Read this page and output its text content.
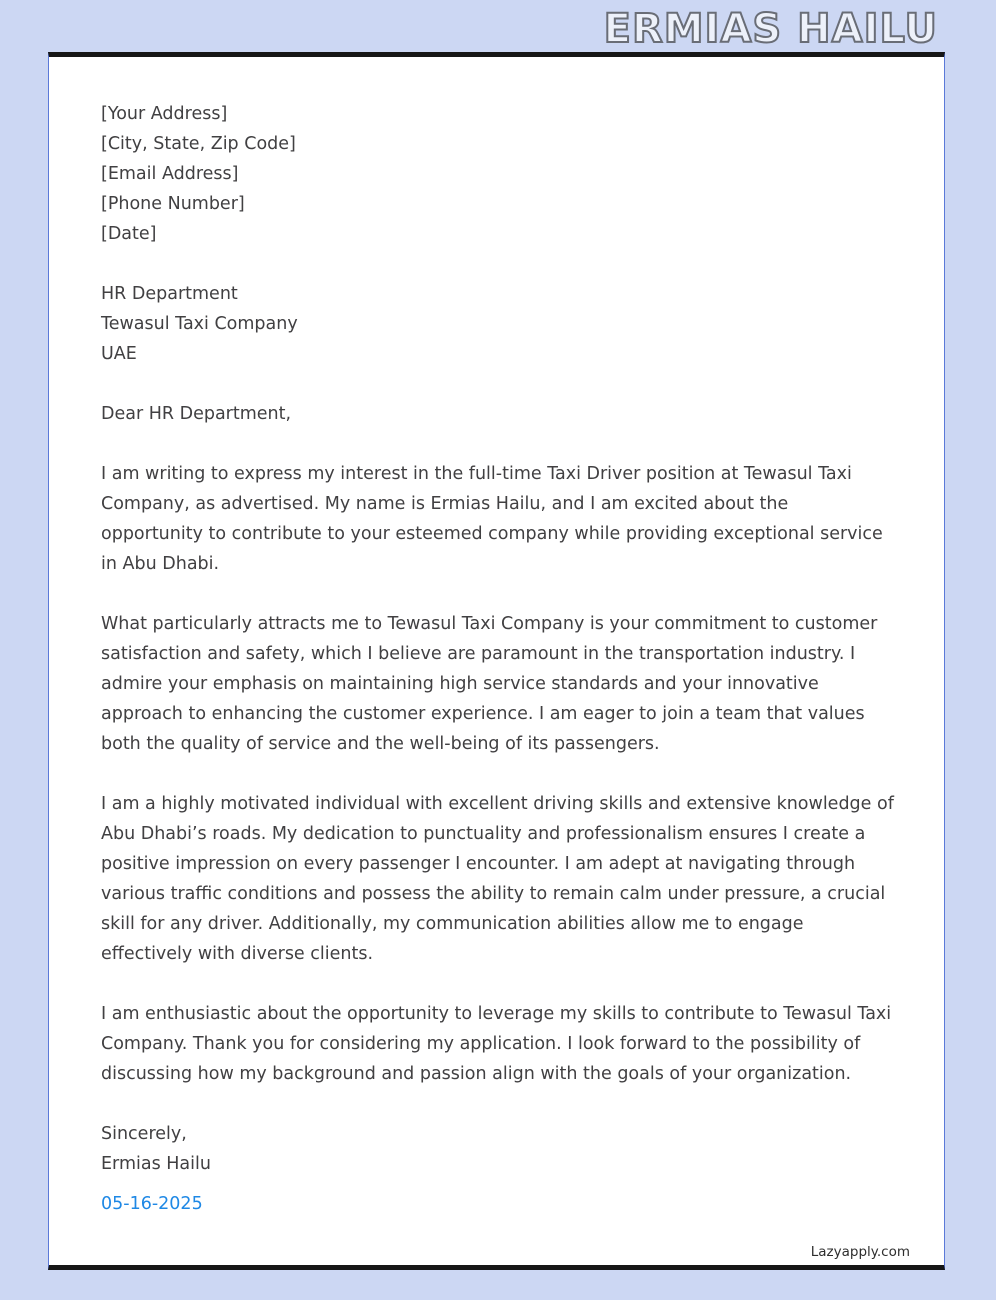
ERMIAS HAILU
[Your Address]
[City, State, Zip Code]
[Email Address]
[Phone Number]
[Date]
HR Department
Tewasul Taxi Company
UAE
Dear HR Department,
I am writing to express my interest in the full-time Taxi Driver position at Tewasul Taxi Company, as advertised. My name is Ermias Hailu, and I am excited about the opportunity to contribute to your esteemed company while providing exceptional service in Abu Dhabi.
What particularly attracts me to Tewasul Taxi Company is your commitment to customer satisfaction and safety, which I believe are paramount in the transportation industry. I admire your emphasis on maintaining high service standards and your innovative approach to enhancing the customer experience. I am eager to join a team that values both the quality of service and the well-being of its passengers.
I am a highly motivated individual with excellent driving skills and extensive knowledge of Abu Dhabi’s roads. My dedication to punctuality and professionalism ensures I create a positive impression on every passenger I encounter. I am adept at navigating through various traffic conditions and possess the ability to remain calm under pressure, a crucial skill for any driver. Additionally, my communication abilities allow me to engage effectively with diverse clients.
I am enthusiastic about the opportunity to leverage my skills to contribute to Tewasul Taxi Company. Thank you for considering my application. I look forward to the possibility of discussing how my background and passion align with the goals of your organization.
Sincerely,
Ermias Hailu
05-16-2025
Lazyapply.com
